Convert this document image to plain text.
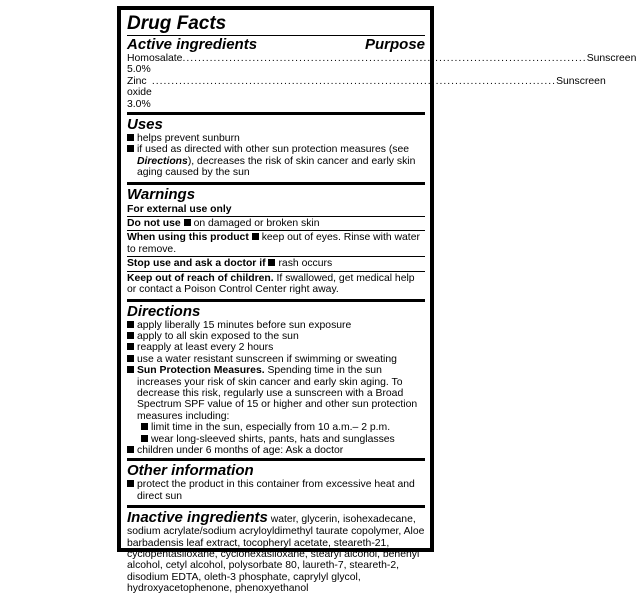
Drug Facts
Active ingredients	Purpose
Homosalate 5.0%
........................................................................................................ Sunscreen
Zinc oxide 3.0%
........................................................................................................ Sunscreen
Uses
helps prevent sunburn
if used as directed with other sun protection measures (see Directions), decreases the risk of skin cancer and early skin aging caused by the sun
Warnings
For external use only
Do not use on damaged or broken skin
When using this product keep out of eyes. Rinse with water to remove.
Stop use and ask a doctor if rash occurs
Keep out of reach of children. If swallowed, get medical help or contact a Poison Control Center right away.
Directions
apply liberally 15 minutes before sun exposure
apply to all skin exposed to the sun
reapply at least every 2 hours
use a water resistant sunscreen if swimming or sweating
Sun Protection Measures. Spending time in the sun increases your risk of skin cancer and early skin aging. To decrease this risk, regularly use a sunscreen with a Broad Spectrum SPF value of 15 or higher and other sun protection measures including:
limit time in the sun, especially from 10 a.m.– 2 p.m.
wear long-sleeved shirts, pants, hats and sunglasses
children under 6 months of age: Ask a doctor
Other information
protect the product in this container from excessive heat and direct sun
Inactive ingredients water, glycerin, isohexadecane, sodium acrylate/sodium acryloyldimethyl taurate copolymer, Aloe barbadensis leaf extract, tocopheryl acetate, steareth-21, cyclopentasiloxane, cyclohexasiloxane, stearyl alcohol, behenyl alcohol, cetyl alcohol, polysorbate 80, laureth-7, steareth-2, disodium EDTA, oleth-3 phosphate, caprylyl glycol, hydroxyacetophenone, phenoxyethanol
